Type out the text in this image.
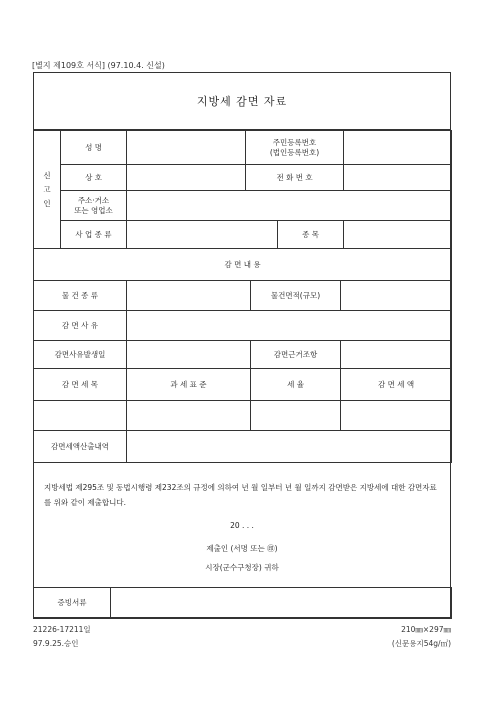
[별지 제109호 서식] (97.10.4. 신설)
지방세 감면 자료
신고인	성 명		주민등록번호
(법인등록번호)		

	상 호		전 화 번 호		

	주소·거소
또는 영업소				

	사 업 종 류			종 목	
감 면 내 용			
물 건 종 류		물건면적(규모)	
감 면 사 유			
감면사유발생일		감면근거조항	
감 면 세 목	과 세 표 준	세 율	감 면 세 액

감면세액산출내역			
지방세법 제295조 및 동법시행령 제232조의 규정에 의하여 년 월 일부터 년 월 일까지 감면받은 지방세에 대한 감면자료를 위와 같이 제출합니다.
20 . . .
제출인 (서명 또는 ㊞)
시장(군수구청장) 귀하
증빙서류	
21226-17211일
97.9.25.승인
210㎜×297㎜
(신문용지54g/㎡)
